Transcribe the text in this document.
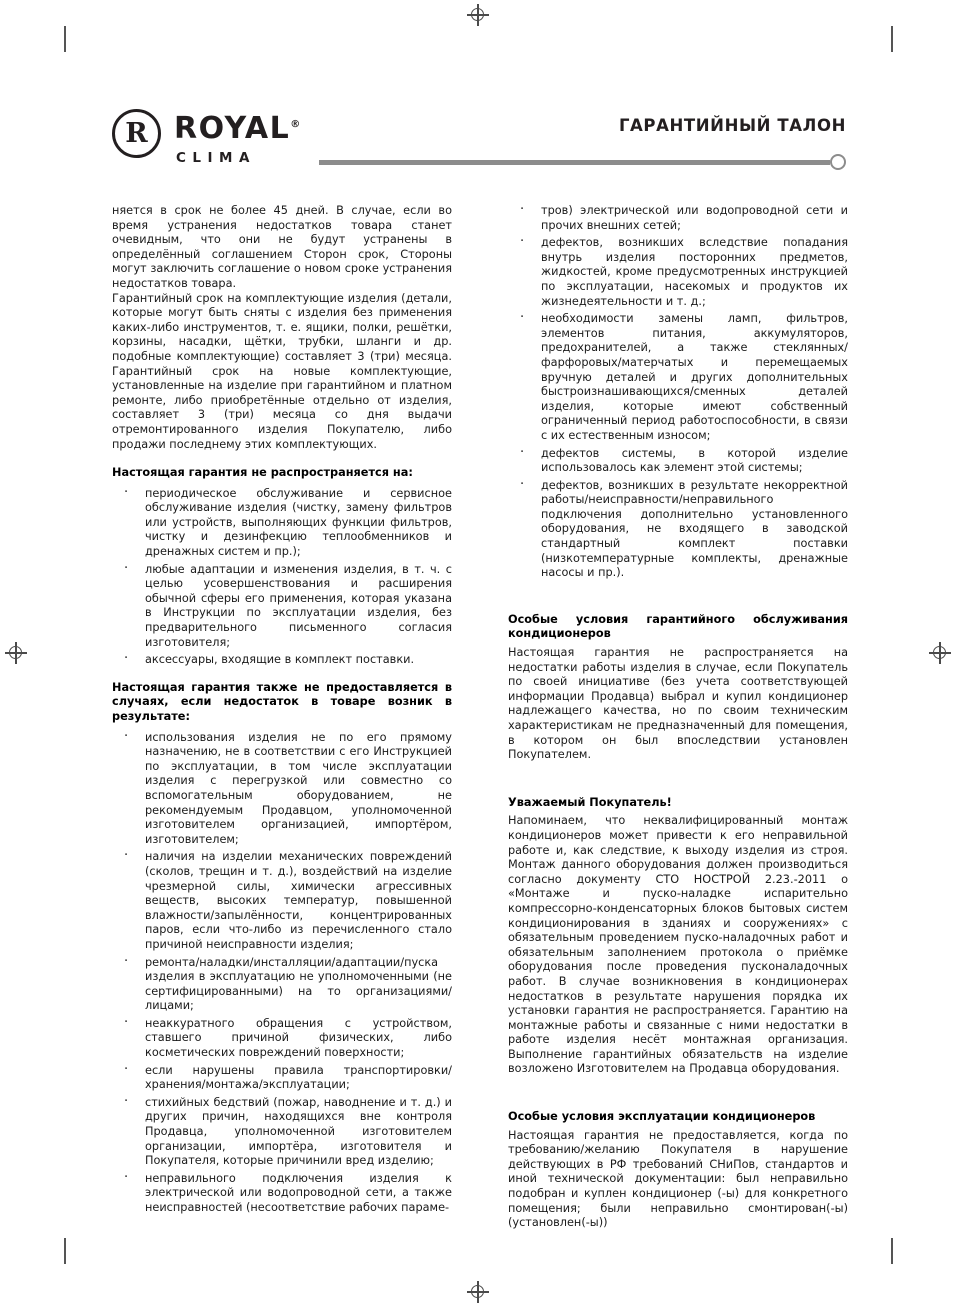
R ROYAL®
CLIMA
ГАРАНТИЙНЫЙ ТАЛОН

няется в срок не более 45 дней. В случае, если во время устранения недостатков товара станет очевидным, что они не будут устранены в определённый соглашением Сторон срок, Стороны могут заключить соглашение о новом сроке устранения недостатков товара.

Гарантийный срок на комплектующие изделия (детали, которые могут быть сняты с изделия без применения каких-либо инструментов, т. е. ящики, полки, решётки, корзины, насадки, щётки, трубки, шланги и др. подобные комплектующие) составляет 3 (три) месяца. Гарантийный срок на новые комплектующие, установленные на изделие при гарантийном и платном ремонте, либо приобретённые отдельно от изделия, составляет 3 (три) месяца со дня выдачи отремонтированного изделия Покупателю, либо продажи последнему этих комплектующих.

Настоящая гарантия не распространяется на:
· периодическое обслуживание и сервисное обслуживание изделия (чистку, замену фильтров или устройств, выполняющих функции фильтров, чистку и дезинфекцию теплообменников и дренажных систем и пр.);
· любые адаптации и изменения изделия, в т. ч. с целью усовершенствования и расширения обычной сферы его применения, которая указана в Инструкции по эксплуатации изделия, без предварительного письменного согласия изготовителя;
· аксессуары, входящие в комплект поставки.
Настоящая гарантия также не предоставляется в случаях, если недостаток в товаре возник в результате:
· использования изделия не по его прямому назначению, не в соответствии с его Инструкцией по эксплуатации, в том числе эксплуатации изделия с перегрузкой или совместно со вспомогательным оборудованием, не рекомендуемым Продавцом, уполномоченной изготовителем организацией, импортёром, изготовителем;
· наличия на изделии механических повреждений (сколов, трещин и т. д.), воздействий на изделие чрезмерной силы, химически агрессивных веществ, высоких температур, повышенной влажности/запылённости, концентрированных паров, если что-либо из перечисленного стало причиной неисправности изделия;
· ремонта/наладки/инсталляции/адаптации/пуска изделия в эксплуатацию не уполномоченными (не сертифицированными) на то организациями/лицами;
· неаккуратного обращения с устройством, ставшего причиной физических, либо косметических повреждений поверхности;
· если нарушены правила транспортировки/хранения/монтажа/эксплуатации;
· стихийных бедствий (пожар, наводнение и т. д.) и других причин, находящихся вне контроля Продавца, уполномоченной изготовителем организации, импортёра, изготовителя и Покупателя, которые причинили вред изделию;
· неправильного подключения изделия к электрической или водопроводной сети, а также неисправностей (несоответствие рабочих параме-
· тров) электрической или водопроводной сети и прочих внешних сетей;
· дефектов, возникших вследствие попадания внутрь изделия посторонних предметов, жидкостей, кроме предусмотренных инструкцией по эксплуатации, насекомых и продуктов их жизнедеятельности и т. д.;
· необходимости замены ламп, фильтров, элементов питания, аккумуляторов, предохранителей, а также стеклянных/фарфоровых/матерчатых и перемещаемых вручную деталей и других дополнительных быстроизнашивающихся/сменных деталей изделия, которые имеют собственный ограниченный период работоспособности, в связи с их естественным износом;
· дефектов системы, в которой изделие использовалось как элемент этой системы;
· дефектов, возникших в результате некорректной работы/неисправности/неправильного подключения дополнительно установленного оборудования, не входящего в заводской стандартный комплект поставки (низкотемпературные комплекты, дренажные насосы и пр.).
Особые условия гарантийного обслуживания кондиционеров

Настоящая гарантия не распространяется на недостатки работы изделия в случае, если Покупатель по своей инициативе (без учета соответствующей информации Продавца) выбрал и купил кондиционер надлежащего качества, но по своим техническим характеристикам не предназначенный для помещения, в котором он был впоследствии установлен Покупателем.

Уважаемый Покупатель!

Напоминаем, что неквалифицированный монтаж кондиционеров может привести к его неправильной работе и, как следствие, к выходу изделия из строя. Монтаж данного оборудования должен производиться согласно документу СТО НОСТРОЙ 2.23.-2011 о «Монтаже и пуско-наладке испарительно компрессорно-конденсаторных блоков бытовых систем кондиционирования в зданиях и сооружениях» с обязательным проведением пуско-наладочных работ и обязательным заполнением протокола о приёмке оборудования после проведения пусконаладочных работ. В случае возникновения в кондиционерах недостатков в результате нарушения порядка их установки гарантия не распространяется. Гарантию на монтажные работы и связанные с ними недостатки в работе изделия несёт монтажная организация. Выполнение гарантийных обязательств на изделие возложено Изготовителем на Продавца оборудования.

Особые условия эксплуатации кондиционеров

Настоящая гарантия не предоставляется, когда по требованию/желанию Покупателя в нарушение действующих в РФ требований СНиПов, стандартов и иной технической документации: был неправильно подобран и куплен кондиционер (-ы) для конкретного помещения; были неправильно смонтирован(-ы) (установлен(-ы))
